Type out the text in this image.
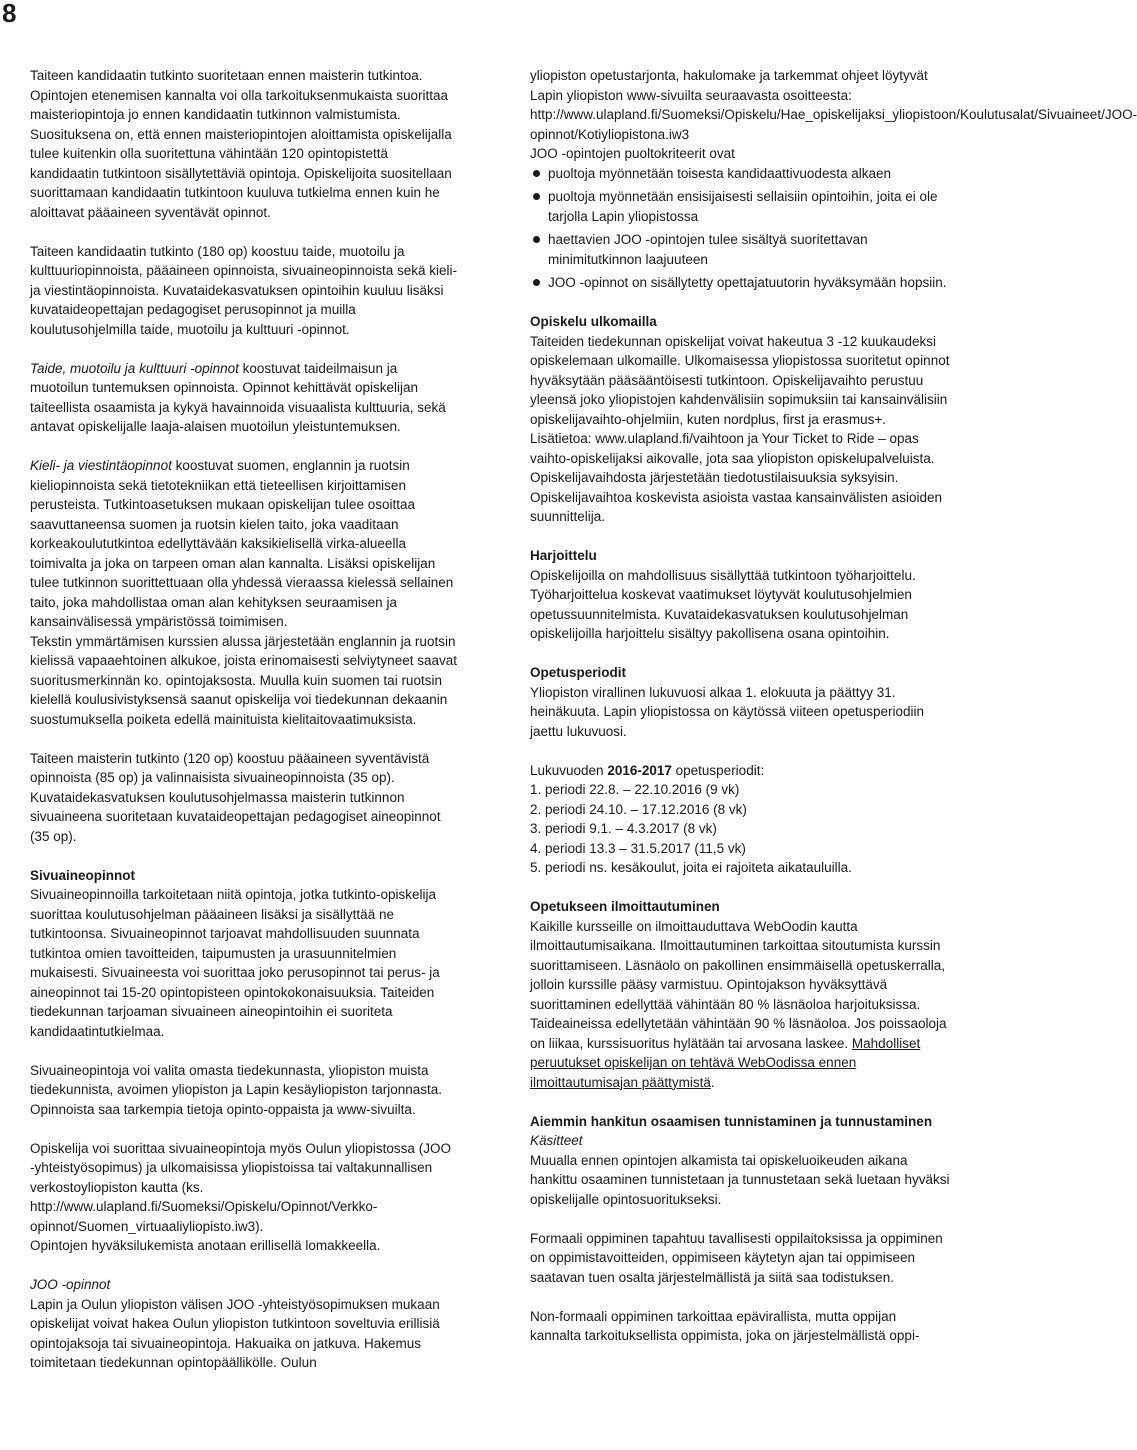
8

Taiteen kandidaatin tutkinto suoritetaan ennen maisterin tutkintoa. Opintojen etenemisen kannalta voi olla tarkoituksenmukaista suorittaa maisteriopintoja jo ennen kandidaatin tutkinnon valmistumista. Suosituksena on, että ennen maisteriopintojen aloittamista opiskelijalla tulee kuitenkin olla suoritettuna vähintään 120 opintopistettä kandidaatin tutkintoon sisällytettäviä opintoja. Opiskelijoita suositellaan suorittamaan kandidaatin tutkintoon kuuluva tutkielma ennen kuin he aloittavat pääaineen syventävät opinnot.

Taiteen kandidaatin tutkinto (180 op) koostuu taide, muotoilu ja kulttuuriopinnoista, pääaineen opinnoista, sivuaineopinnoista sekä kieli- ja viestintäopinnoista. Kuvataidekasvatuksen opintoihin kuuluu lisäksi kuvataideopettajan pedagogiset perusopinnot ja muilla koulutusohjelmilla taide, muotoilu ja kulttuuri -opinnot.

Taide, muotoilu ja kulttuuri -opinnot koostuvat taideilmaisun ja muotoilun tuntemuksen opinnoista. Opinnot kehittävät opiskelijan taiteellista osaamista ja kykyä havainnoida visuaalista kulttuuria, sekä antavat opiskelijalle laaja-alaisen muotoilun yleistuntemuksen.

Kieli- ja viestintäopinnot koostuvat suomen, englannin ja ruotsin kieliopinnoista sekä tietotekniikan että tieteellisen kirjoittamisen perusteista. Tutkintoasetuksen mukaan opiskelijan tulee osoittaa saavuttaneensa suomen ja ruotsin kielen taito, joka vaaditaan korkeakoulututkintoa edellyttävään kaksikielisellä virka-alueella toimivalta ja joka on tarpeen oman alan kannalta. Lisäksi opiskelijan tulee tutkinnon suorittettuaan olla yhdessä vieraassa kielessä sellainen taito, joka mahdollistaa oman alan kehityksen seuraamisen ja kansainvälisessä ympäristössä toimimisen.

Tekstin ymmärtämisen kurssien alussa järjestetään englannin ja ruotsin kielissä vapaaehtoinen alkukoe, joista erinomaisesti selviytyneet saavat suoritusmerkinnän ko. opintojaksosta. Muulla kuin suomen tai ruotsin kielellä koulusivistyksensä saanut opiskelija voi tiedekunnan dekaanin suostumuksella poiketa edellä mainituista kielitaitovaatimuksista.

Taiteen maisterin tutkinto (120 op) koostuu pääaineen syventävistä opinnoista (85 op) ja valinnaisista sivuaineopinnoista (35 op). Kuvataidekasvatuksen koulutusohjelmassa maisterin tutkinnon sivuaineena suoritetaan kuvataideopettajan pedagogiset aineopinnot (35 op).

Sivuaineopinnot

Sivuaineopinnoilla tarkoitetaan niitä opintoja, jotka tutkinto-opiskelija suorittaa koulutusohjelman pääaineen lisäksi ja sisällyttää ne tutkintoonsa. Sivuaineopinnot tarjoavat mahdollisuuden suunnata tutkintoa omien tavoitteiden, taipumusten ja urasuunnitelmien mukaisesti. Sivuaineesta voi suorittaa joko perusopinnot tai perus- ja aineopinnot tai 15-20 opintopisteen opintokokonaisuuksia. Taiteiden tiedekunnan tarjoaman sivuaineen aineopintoihin ei suoriteta kandidaatintutkielmaa.

Sivuaineopintoja voi valita omasta tiedekunnasta, yliopiston muista tiedekunnista, avoimen yliopiston ja Lapin kesäyliopiston tarjonnasta. Opinnoista saa tarkempia tietoja opinto-oppaista ja www-sivuilta.

Opiskelija voi suorittaa sivuaineopintoja myös Oulun yliopistossa (JOO -yhteistyösopimus) ja ulkomaisissa yliopistoissa tai valtakunnallisen verkostoyliopiston kautta (ks. http://www.ulapland.fi/Suomeksi/Opiskelu/Opinnot/Verkko-opinnot/Suomen_virtuaaliyliopisto.iw3).

Opintojen hyväksilukemista anotaan erillisellä lomakkeella.

JOO -opinnot

Lapin ja Oulun yliopiston välisen JOO -yhteistyösopimuksen mukaan opiskelijat voivat hakea Oulun yliopiston tutkintoon soveltuvia erillisiä opintojaksoja tai sivuaineopintoja. Hakuaika on jatkuva. Hakemus toimitetaan tiedekunnan opintopäällikölle. Oulun

yliopiston opetustarjonta, hakulomake ja tarkemmat ohjeet löytyvät Lapin yliopiston www-sivuilta seuraavasta osoitteesta: http://www.ulapland.fi/Suomeksi/Opiskelu/Hae_opiskelijaksi_yliopistoon/Koulutusalat/Sivuaineet/JOO-opinnot/Kotiyliopistona.iw3

JOO -opintojen puoltokriteerit ovat

puoltoja myönnetään toisesta kandidaattivuodesta alkaen
puoltoja myönnetään ensisijaisesti sellaisiin opintoihin, joita ei ole tarjolla Lapin yliopistossa
haettavien JOO -opintojen tulee sisältyä suoritettavan minimitutkinnon laajuuteen
JOO -opinnot on sisällytetty opettajatuutorin hyväksymään hopsiin.

Opiskelu ulkomailla

Taiteiden tiedekunnan opiskelijat voivat hakeutua 3 -12 kuukaudeksi opiskelemaan ulkomaille. Ulkomaisessa yliopistossa suoritetut opinnot hyväksytään pääsääntöisesti tutkintoon. Opiskelijavaihto perustuu yleensä joko yliopistojen kahdenvälisiin sopimuksiin tai kansainvälisiin opiskelijavaihto-ohjelmiin, kuten nordplus, first ja erasmus+. Lisätietoa: www.ulapland.fi/vaihtoon ja Your Ticket to Ride – opas vaihto-opiskelijaksi aikovalle, jota saa yliopiston opiskelupalveluista. Opiskelijavaihdosta järjestetään tiedotustilaisuuksia syksyisin. Opiskelijavaihtoa koskevista asioista vastaa kansainvälisten asioiden suunnittelija.

Harjoittelu

Opiskelijoilla on mahdollisuus sisällyttää tutkintoon työharjoittelu. Työharjoittelua koskevat vaatimukset löytyvät koulutusohjelmien opetussuunnitelmista. Kuvataidekasvatuksen koulutusohjelman opiskelijoilla harjoittelu sisältyy pakollisena osana opintoihin.

Opetusperiodit

Yliopiston virallinen lukuvuosi alkaa 1. elokuuta ja päättyy 31. heinäkuuta. Lapin yliopistossa on käytössä viiteen opetusperiodiin jaettu lukuvuosi.

Lukuvuoden 2016-2017 opetusperiodit:

1. periodi 22.8. – 22.10.2016 (9 vk)
2. periodi 24.10. – 17.12.2016 (8 vk)
3. periodi 9.1. – 4.3.2017 (8 vk)
4. periodi 13.3 – 31.5.2017 (11,5 vk)
5. periodi ns. kesäkoulut, joita ei rajoiteta aikatauluilla.

Opetukseen ilmoittautuminen

Kaikille kursseille on ilmoittauduttava WebOodin kautta ilmoittautumisaikana. Ilmoittautuminen tarkoittaa sitoutumista kurssin suorittamiseen. Läsnäolo on pakollinen ensimmäisellä opetuskerralla, jolloin kurssille pääsy varmistuu. Opintojakson hyväksyttävä suorittaminen edellyttää vähintään 80 % läsnäoloa harjoituksissa. Taideaineissa edellytetään vähintään 90 % läsnäoloa. Jos poissaoloja on liikaa, kurssisuoritus hylätään tai arvosana laskee. Mahdolliset peruutukset opiskelijan on tehtävä WebOodissa ennen ilmoittautumisajan päättymistä.

Aiemmin hankitun osaamisen tunnistaminen ja tunnustaminen

Käsitteet

Muualla ennen opintojen alkamista tai opiskeluoikeuden aikana hankittu osaaminen tunnistetaan ja tunnustetaan sekä luetaan hyväksi opiskelijalle opintosuoritukseksi.

Formaali oppiminen tapahtuu tavallisesti oppilaitoksissa ja oppiminen on oppimistavoitteiden, oppimiseen käytetyn ajan tai oppimiseen saatavan tuen osalta järjestelmällistä ja siitä saa todistuksen.

Non-formaali oppiminen tarkoittaa epävirallista, mutta oppijan kannalta tarkoituksellista oppimista, joka on järjestelmällistä oppi-
